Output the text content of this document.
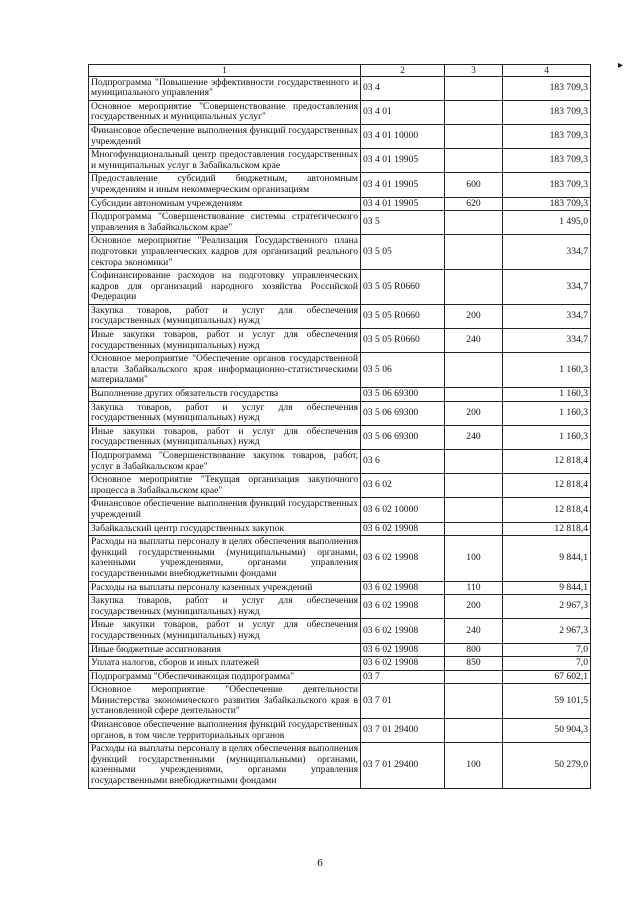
▸
1	2	3	4
Подпрограмма "Повышение эффективности государственного и муниципального управления"	03 4		183 709,3
Основное мероприятие "Совершенствование предоставления государственных и муниципальных услуг"	03 4 01		183 709,3
Финансовое обеспечение выполнения функций государственных учреждений	03 4 01 10000		183 709,3
Многофункциональный центр предоставления государственных и муниципальных услуг в Забайкальском крае	03 4 01 19905		183 709,3
Предоставление субсидий бюджетным, автономным учреждениям и иным некоммерческим организациям	03 4 01 19905	600	183 709,3
Субсидии автономным учреждениям	03 4 01 19905	620	183 709,3
Подпрограмма "Совершенствование системы стратегического управления в Забайкальском крае"	03 5		1 495,0
Основное мероприятие "Реализация Государственного плана подготовки управленческих кадров для организаций реального сектора экономики"	03 5 05		334,7
Софинансирование расходов на подготовку управленческих кадров для организаций народного хозяйства Российской Федерации	03 5 05 R0660		334,7
Закупка товаров, работ и услуг для обеспечения государственных (муниципальных) нужд	03 5 05 R0660	200	334,7
Иные закупки товаров, работ и услуг для обеспечения государственных (муниципальных) нужд	03 5 05 R0660	240	334,7
Основное мероприятие "Обеспечение органов государственной власти Забайкальского края информационно-статистическими материалами"	03 5 06		1 160,3
Выполнение других обязательств государства	03 5 06 69300		1 160,3
Закупка товаров, работ и услуг для обеспечения государственных (муниципальных) нужд	03 5 06 69300	200	1 160,3
Иные закупки товаров, работ и услуг для обеспечения государственных (муниципальных) нужд	03 5 06 69300	240	1 160,3
Подпрограмма "Совершенствование закупок товаров, работ, услуг в Забайкальском крае"	03 6		12 818,4
Основное мероприятие "Текущая организация закупочного процесса в Забайкальском крае"	03 6 02		12 818,4
Финансовое обеспечение выполнения функций государственных учреждений	03 6 02 10000		12 818,4
Забайкальский центр государственных закупок	03 6 02 19908		12 818,4
Расходы на выплаты персоналу в целях обеспечения выполнения функций государственными (муниципальными) органами, казенными учреждениями, органами управления государственными внебюджетными фондами	03 6 02 19908	100	9 844,1
Расходы на выплаты персоналу казенных учреждений	03 6 02 19908	110	9 844,1
Закупка товаров, работ и услуг для обеспечения государственных (муниципальных) нужд	03 6 02 19908	200	2 967,3
Иные закупки товаров, работ и услуг для обеспечения государственных (муниципальных) нужд	03 6 02 19908	240	2 967,3
Иные бюджетные ассигнования	03 6 02 19908	800	7,0
Уплата налогов, сборов и иных платежей	03 6 02 19908	850	7,0
Подпрограмма "Обеспечивающая подпрограмма"	03 7		67 602,1
Основное мероприятие "Обеспечение деятельности Министерства экономического развития Забайкальского края в установленной сфере деятельности"	03 7 01		59 101,5
Финансовое обеспечение выполнения функций государственных органов, в том числе территориальных органов	03 7 01 29400		50 904,3
Расходы на выплаты персоналу в целях обеспечения выполнения функций государственными (муниципальными) органами, казенными учреждениями, органами управления государственными внебюджетными фондами	03 7 01 29400	100	50 279,0
6
